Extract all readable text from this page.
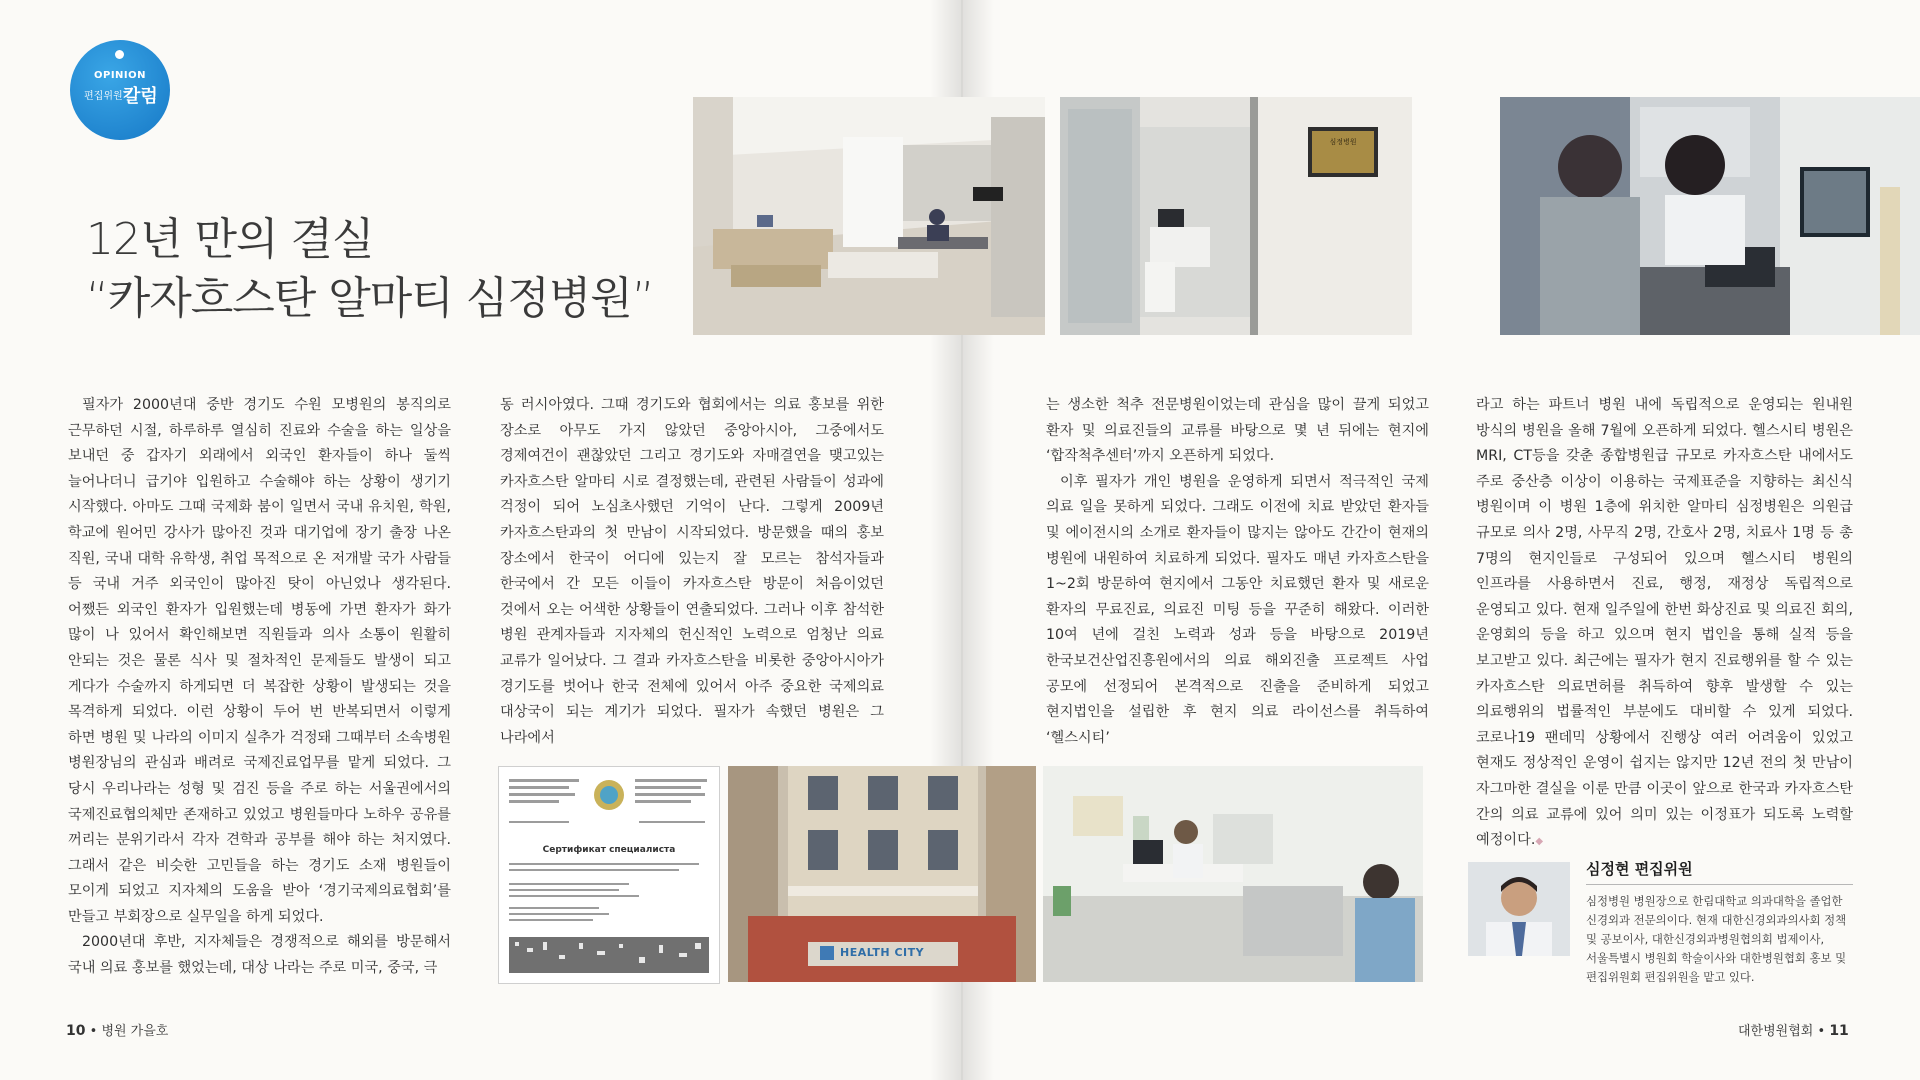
OPINION
편집위원 칼럼
12년 만의 결실
“카자흐스탄 알마티 심정병원”
심정병원

필자가 2000년대 중반 경기도 수원 모병원의 봉직의로 근무하던 시절, 하루하루 열심히 진료와 수술을 하는 일상을 보내던 중 갑자기 외래에서 외국인 환자들이 하나 둘씩 늘어나더니 급기야 입원하고 수술해야 하는 상황이 생기기 시작했다. 아마도 그때 국제화 붐이 일면서 국내 유치원, 학원, 학교에 원어민 강사가 많아진 것과 대기업에 장기 출장 나온 직원, 국내 대학 유학생, 취업 목적으로 온 저개발 국가 사람들 등 국내 거주 외국인이 많아진 탓이 아닌었나 생각된다. 어쨌든 외국인 환자가 입원했는데 병동에 가면 환자가 화가 많이 나 있어서 확인해보면 직원들과 의사 소통이 원활히 안되는 것은 물론 식사 및 절차적인 문제들도 발생이 되고 게다가 수술까지 하게되면 더 복잡한 상황이 발생되는 것을 목격하게 되었다. 이런 상황이 두어 번 반복되면서 이렇게 하면 병원 및 나라의 이미지 실추가 걱정돼 그때부터 소속병원 병원장님의 관심과 배려로 국제진료업무를 맡게 되었다. 그 당시 우리나라는 성형 및 검진 등을 주로 하는 서울권에서의 국제진료협의체만 존재하고 있었고 병원들마다 노하우 공유를 꺼리는 분위기라서 각자 견학과 공부를 해야 하는 처지였다. 그래서 같은 비슷한 고민들을 하는 경기도 소재 병원들이 모이게 되었고 지자체의 도움을 받아 ‘경기국제의료협회’를 만들고 부회장으로 실무일을 하게 되었다.

2000년대 후반, 지자체들은 경쟁적으로 해외를 방문해서 국내 의료 홍보를 했었는데, 대상 나라는 주로 미국, 중국, 극

동 러시아였다. 그때 경기도와 협회에서는 의료 홍보를 위한 장소로 아무도 가지 않았던 중앙아시아, 그중에서도 경제여건이 괜찮았던 그리고 경기도와 자매결연을 맺고있는 카자흐스탄 알마티 시로 결정했는데, 관련된 사람들이 성과에 걱정이 되어 노심초사했던 기억이 난다. 그렇게 2009년 카자흐스탄과의 첫 만남이 시작되었다. 방문했을 때의 홍보 장소에서 한국이 어디에 있는지 잘 모르는 참석자들과 한국에서 간 모든 이들이 카자흐스탄 방문이 처음이었던 것에서 오는 어색한 상황들이 연출되었다. 그러나 이후 참석한 병원 관계자들과 지자체의 헌신적인 노력으로 엄청난 의료 교류가 일어났다. 그 결과 카자흐스탄을 비롯한 중앙아시아가 경기도를 벗어나 한국 전체에 있어서 아주 중요한 국제의료 대상국이 되는 계기가 되었다. 필자가 속했던 병원은 그 나라에서

Сертификат специалиста
HEALTH CITY

는 생소한 척추 전문병원이었는데 관심을 많이 끌게 되었고 환자 및 의료진들의 교류를 바탕으로 몇 년 뒤에는 현지에 ‘합작척추센터’까지 오픈하게 되었다.

이후 필자가 개인 병원을 운영하게 되면서 적극적인 국제 의료 일을 못하게 되었다. 그래도 이전에 치료 받았던 환자들 및 에이전시의 소개로 환자들이 많지는 않아도 간간이 현재의 병원에 내원하여 치료하게 되었다. 필자도 매년 카자흐스탄을 1~2회 방문하여 현지에서 그동안 치료했던 환자 및 새로운 환자의 무료진료, 의료진 미팅 등을 꾸준히 해왔다. 이러한 10여 년에 걸친 노력과 성과 등을 바탕으로 2019년 한국보건산업진흥원에서의 의료 해외진출 프로젝트 사업 공모에 선정되어 본격적으로 진출을 준비하게 되었고 현지법인을 설립한 후 현지 의료 라이선스를 취득하여 ‘헬스시티’

라고 하는 파트너 병원 내에 독립적으로 운영되는 원내원 방식의 병원을 올해 7월에 오픈하게 되었다. 헬스시티 병원은 MRI, CT등을 갖춘 종합병원급 규모로 카자흐스탄 내에서도 주로 중산층 이상이 이용하는 국제표준을 지향하는 최신식 병원이며 이 병원 1층에 위치한 알마티 심정병원은 의원급 규모로 의사 2명, 사무직 2명, 간호사 2명, 치료사 1명 등 총 7명의 현지인들로 구성되어 있으며 헬스시티 병원의 인프라를 사용하면서 진료, 행정, 재정상 독립적으로 운영되고 있다. 현재 일주일에 한번 화상진료 및 의료진 회의, 운영회의 등을 하고 있으며 현지 법인을 통해 실적 등을 보고받고 있다. 최근에는 필자가 현지 진료행위를 할 수 있는 카자흐스탄 의료면허를 취득하여 향후 발생할 수 있는 의료행위의 법률적인 부분에도 대비할 수 있게 되었다. 코로나19 팬데믹 상황에서 진행상 여러 어려움이 있었고 현재도 정상적인 운영이 쉽지는 않지만 12년 전의 첫 만남이 자그마한 결실을 이룬 만큼 이곳이 앞으로 한국과 카자흐스탄 간의 의료 교류에 있어 의미 있는 이정표가 되도록 노력할 예정이다.◆

심정현 편집위원
심정병원 병원장으로 한림대학교 의과대학을 졸업한 신경외과 전문의이다. 현재 대한신경외과의사회 정책 및 공보이사, 대한신경외과병원협의회 법제이사, 서울특별시 병원회 학술이사와 대한병원협회 홍보 및 편집위원회 편집위원을 맡고 있다.
10 • 병원 가을호	대한병원협회 • 11
